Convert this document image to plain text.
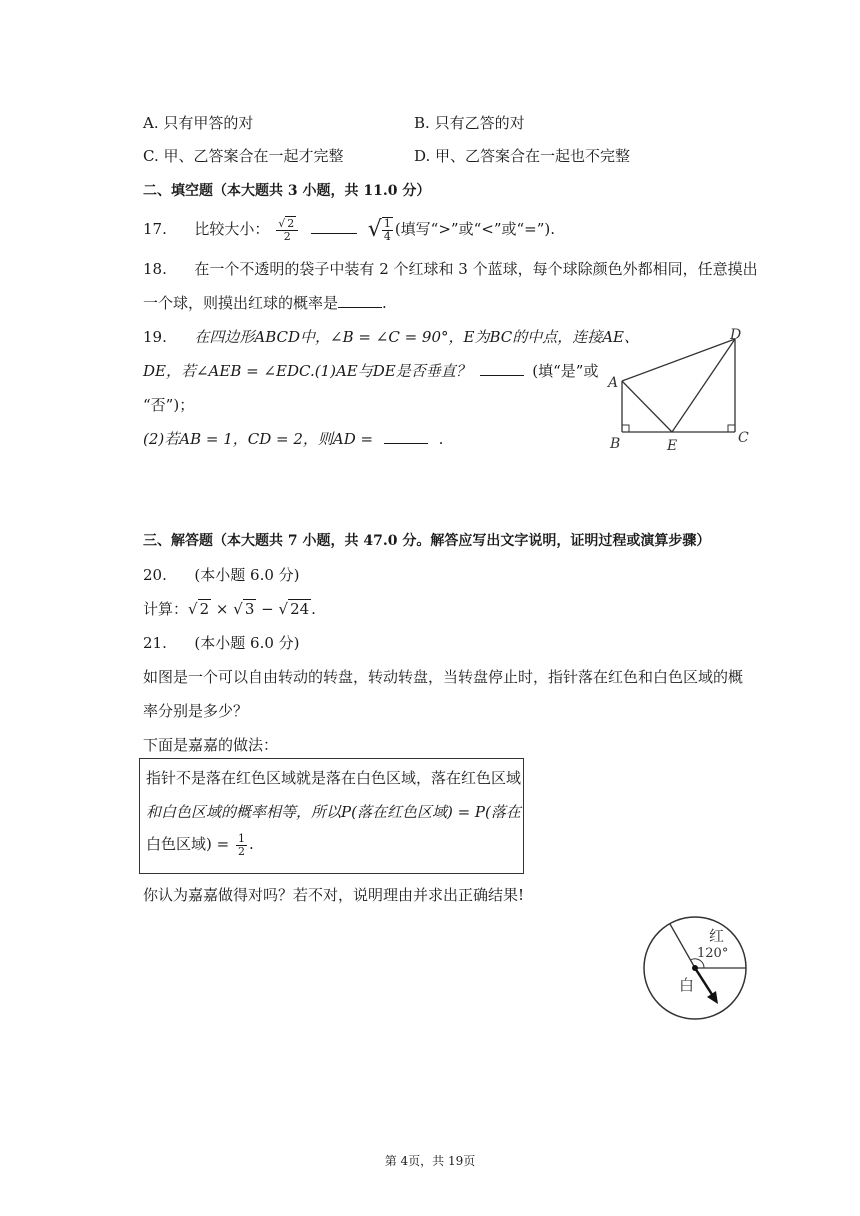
A. 只有甲答的对	B. 只有乙答的对
C. 甲、乙答案合在一起才完整	D. 甲、乙答案合在一起也不完整
二、填空题（本大题共 3 小题，共 11.0 分）
17. 比较大小： $\frac{√ 2}{2}$	√ $\frac{1}{4}$ (填写“>”或“<”或“=”).
18. 在一个不透明的袋子中装有 2 个红球和 3 个蓝球，每个球除颜色外都相同，任意摸出
一个球，则摸出红球的概率是	.
19. 在四边形ABCD中，∠B = ∠C = 90°，E为BC的中点，连接AE、
DE，若∠AEB = ∠EDC.(1)AE与DE是否垂直？	(填“是”或
“否”)；
(2)若AB = 1，CD = 2，则AD =	.
A
B	C
D
E
三、解答题（本大题共 7 小题，共 47.0 分。解答应写出文字说明，证明过程或演算步骤）
20. (本小题 6.0 分)
计算：√ 2 × √ 3 − √ 24 .
21. (本小题 6.0 分)
如图是一个可以自由转动的转盘，转动转盘，当转盘停止时，指针落在红色和白色区域的概
率分别是多少？
下面是嘉嘉的做法：
指针不是落在红色区域就是落在白色区域，落在红色区域
和白色区域的概率相等，所以P(落在红色区域) = P(落在
白色区域) = $\frac{1}{2}$ .
你认为嘉嘉做得对吗？若不对，说明理由并求出正确结果!
红
120°
白
第 4页，共 19页
